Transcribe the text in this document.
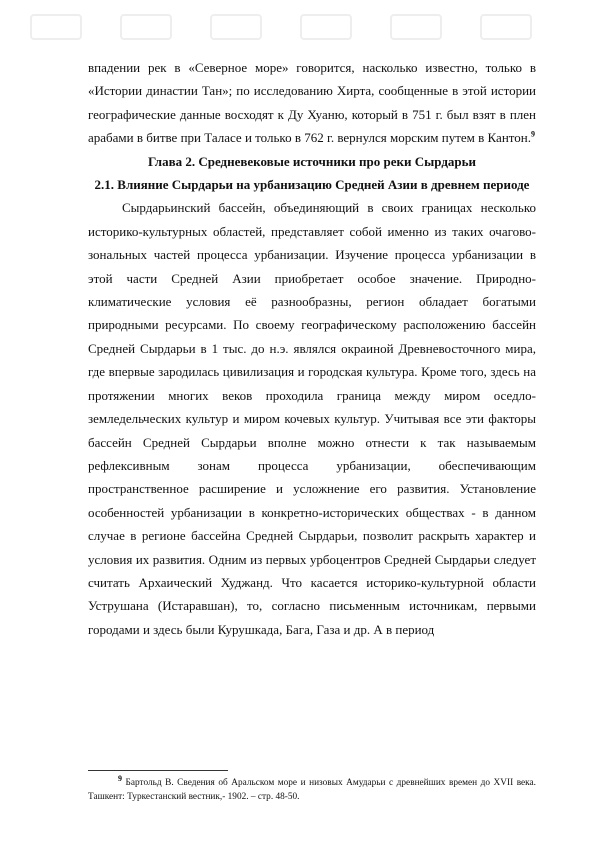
впадении рек в «Северное море» говорится, насколько известно, только в «Истории династии Тан»; по исследованию Хирта, сообщенные в этой истории географические данные восходят к Ду Хуаню, который в 751 г. был взят в плен арабами в битве при Таласе и только в 762 г. вернулся морским путем в Кантон.$^9$

Глава 2. Средневековые источники про реки Сырдарьи

2.1. Влияние Сырдарьи на урбанизацию Средней Азии в древнем периоде

Сырдарьинский бассейн, объединяющий в своих границах несколько историко-культурных областей, представляет собой именно из таких очагово-зональных частей процесса урбанизации. Изучение процесса урбанизации в этой части Средней Азии приобретает особое значение. Природно-климатические условия её разнообразны, регион обладает богатыми природными ресурсами. По своему географическому расположению бассейн Средней Сырдарьи в 1 тыс. до н.э. являлся окраиной Древневосточного мира,

где впервые зародилась цивилизация и городская культура. Кроме того, здесь на протяжении многих веков проходила граница между миром оседло-земледельческих культур и миром кочевых культур. Учитывая все эти факторы бассейн Средней Сырдарьи вполне можно отнести к так называемым рефлексивным зонам процесса урбанизации, обеспечивающим пространственное расширение и усложнение его развития. Установление особенностей урбанизации в конкретно-исторических обществах - в данном случае в регионе бассейна Средней Сырдарьи, позволит раскрыть характер и условия их развития. Одним из первых урбоцентров Средней Сырдарьи следует считать Архаический Худжанд. Что касается историко-культурной области Уструшана (Истаравшан), то, согласно письменным источникам, первыми городами и здесь были Курушкада, Бага, Газа и др. А в период

$^9$ Бартольд В. Сведения об Аральском море и низовых Амударьи с древнейших времен до XVII века. Ташкент: Туркестанский вестник,- 1902. – стр. 48-50.
